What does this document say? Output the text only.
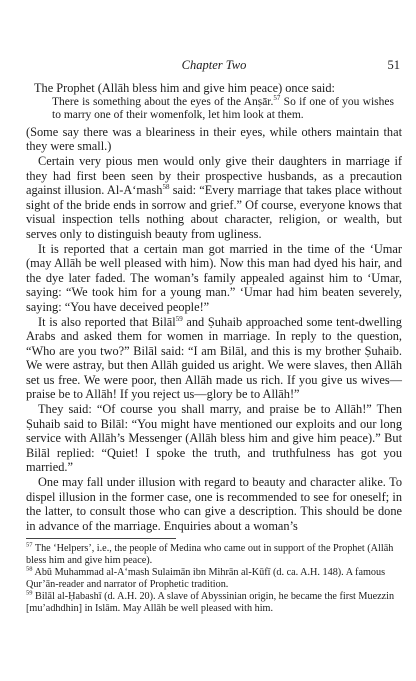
Chapter Two	51

The Prophet (Allāh bless him and give him peace) once said:

There is something about the eyes of the Anṣār.$^{57}$ So if one of you wishes to marry one of their womenfolk, let him look at them.

(Some say there was a bleariness in their eyes, while others maintain that they were small.)

Certain very pious men would only give their daughters in marriage if they had first been seen by their prospective husbands, as a precaution against illusion. Al-A‘mash$^{58}$ said: “Every marriage that takes place without sight of the bride ends in sorrow and grief.” Of course, everyone knows that visual inspection tells nothing about character, religion, or wealth, but serves only to distinguish beauty from ugliness.

It is reported that a certain man got married in the time of the ‘Umar (may Allāh be well pleased with him). Now this man had dyed his hair, and the dye later faded. The woman’s family appealed against him to ‘Umar, saying: “We took him for a young man.” ‘Umar had him beaten severely, saying: “You have deceived people!”

It is also reported that Bilāl$^{59}$ and Ṣuhaib approached some tent-dwelling Arabs and asked them for women in marriage. In reply to the question, “Who are you two?” Bilāl said: “I am Bilāl, and this is my brother Ṣuhaib. We were astray, but then Allāh guided us aright. We were slaves, then Allāh set us free. We were poor, then Allāh made us rich. If you give us wives—praise be to Allāh! If you reject us—glory be to Allāh!”

They said: “Of course you shall marry, and praise be to Allāh!” Then Ṣuhaib said to Bilāl: “You might have mentioned our exploits and our long service with Allāh’s Messenger (Allāh bless him and give him peace).” But Bilāl replied: “Quiet! I spoke the truth, and truthfulness has got you married.”

One may fall under illusion with regard to beauty and character alike. To dispel illusion in the former case, one is recommended to see for oneself; in the latter, to consult those who can give a description. This should be done in advance of the marriage. Enquiries about a woman’s

$^{57}$ The ‘Helpers’, i.e., the people of Medina who came out in support of the Prophet (Allāh bless him and give him peace).

$^{58}$ Abū Muhammad al-A‘mash Sulaimān ibn Mihrān al-Kūfī (d. ca. A.H. 148). A famous Qur’ān-reader and narrator of Prophetic tradition.

$^{59}$ Bilāl al-Ḥabashī (d. A.H. 20). A slave of Abyssinian origin, he became the first Muezzin [mu’adhdhin] in Islām. May Allāh be well pleased with him.
